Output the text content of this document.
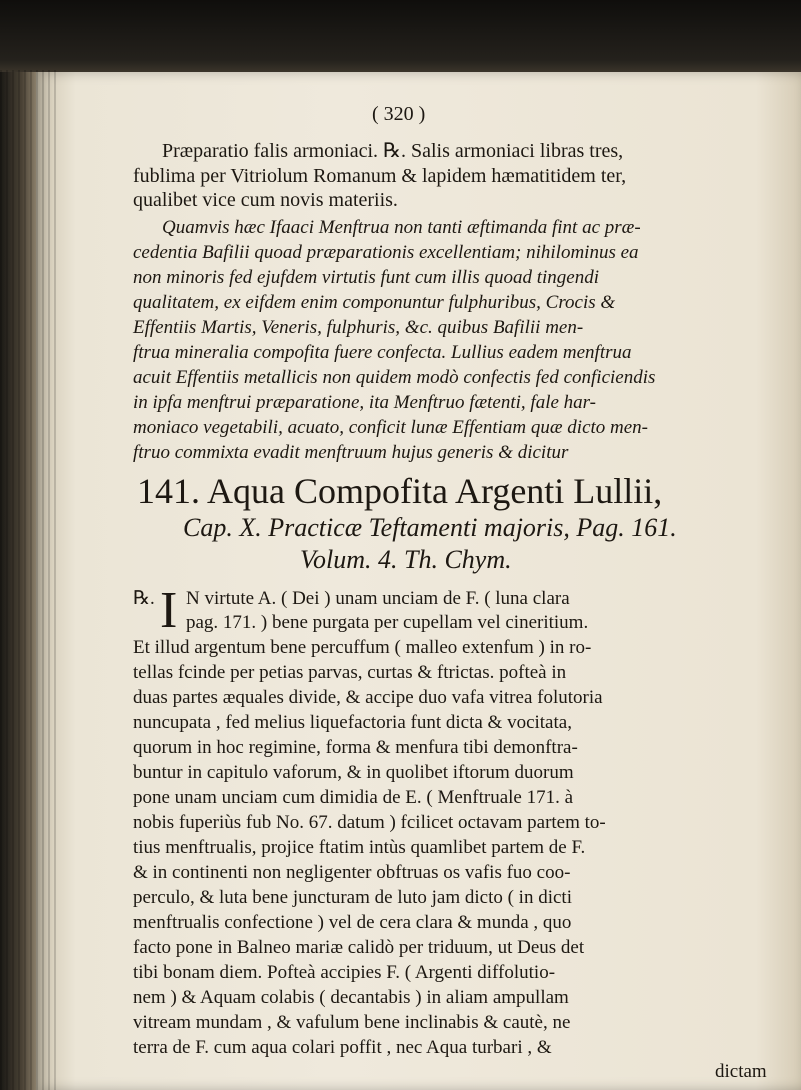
( 320 )
Præparatio falis armoniaci. ℞. Salis armoniaci libras tres,
fublima per Vitriolum Romanum & lapidem hæmatitidem ter,
qualibet vice cum novis materiis.
Quamvis hæc Ifaaci Menftrua non tanti æftimanda fint ac præ-
cedentia Bafilii quoad præparationis excellentiam; nihilominus ea
non minoris fed ejufdem virtutis funt cum illis quoad tingendi
qualitatem, ex eifdem enim componuntur fulphuribus, Crocis &
Effentiis Martis, Veneris, fulphuris, &c. quibus Bafilii men-
ftrua mineralia compofita fuere confecta. Lullius eadem menftrua
acuit Effentiis metallicis non quidem modò confectis fed conficiendis
in ipfa menftrui præparatione, ita Menftruo fætenti, fale har-
moniaco vegetabili, acuato, conficit lunæ Effentiam quæ dicto men-
ftruo commixta evadit menftruum hujus generis & dicitur
141. Aqua Compofita Argenti Lullii,
Cap. X. Practicæ Teftamenti majoris, Pag. 161.
Volum. 4. Th. Chym.
℞. I N virtute A. ( Dei ) unam unciam de F. ( luna clara
pag. 171. ) bene purgata per cupellam vel cineritium.
Et illud argentum bene percuffum ( malleo extenfum ) in ro-
tellas fcinde per petias parvas, curtas & ftrictas. pofteà in
duas partes æquales divide, & accipe duo vafa vitrea folutoria
nuncupata , fed melius liquefactoria funt dicta & vocitata,
quorum in hoc regimine, forma & menfura tibi demonftra-
buntur in capitulo vaforum, & in quolibet iftorum duorum
pone unam unciam cum dimidia de E. ( Menftruale 171. à
nobis fuperiùs fub No. 67. datum ) fcilicet octavam partem to-
tius menftrualis, projice ftatim intùs quamlibet partem de F.
& in continenti non negligenter obftruas os vafis fuo coo-
perculo, & luta bene juncturam de luto jam dicto ( in dicti
menftrualis confectione ) vel de cera clara & munda , quo
facto pone in Balneo mariæ calidò per triduum, ut Deus det
tibi bonam diem. Pofteà accipies F. ( Argenti diffolutio-
nem ) & Aquam colabis ( decantabis ) in aliam ampullam
vitream mundam , & vafulum bene inclinabis & cautè, ne
terra de F. cum aqua colari poffit , nec Aqua turbari , &
dictam
